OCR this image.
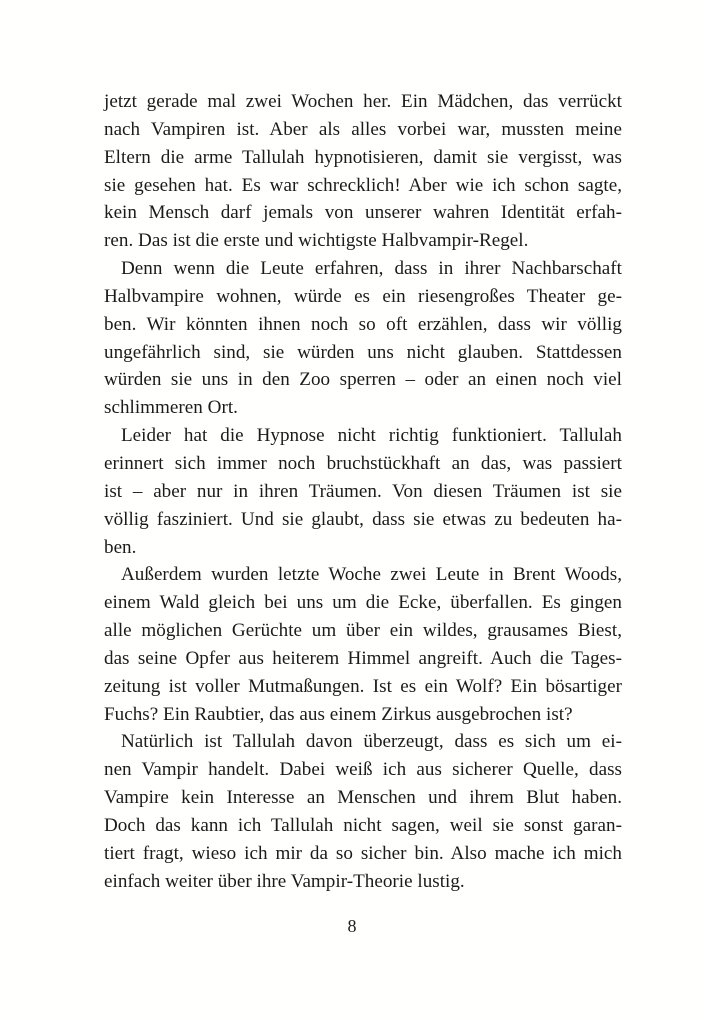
jetzt gerade mal zwei Wochen her. Ein Mädchen, das verrückt
nach Vampiren ist. Aber als alles vorbei war, mussten meine
Eltern die arme Tallulah hypnotisieren, damit sie vergisst, was
sie gesehen hat. Es war schrecklich! Aber wie ich schon sagte,
kein Mensch darf jemals von unserer wahren Identität erfah-
ren. Das ist die erste und wichtigste Halbvampir-Regel.

Denn wenn die Leute erfahren, dass in ihrer Nachbarschaft
Halbvampire wohnen, würde es ein riesengroßes Theater ge-
ben. Wir könnten ihnen noch so oft erzählen, dass wir völlig
ungefährlich sind, sie würden uns nicht glauben. Stattdessen
würden sie uns in den Zoo sperren – oder an einen noch viel
schlimmeren Ort.

Leider hat die Hypnose nicht richtig funktioniert. Tallulah
erinnert sich immer noch bruchstückhaft an das, was passiert
ist – aber nur in ihren Träumen. Von diesen Träumen ist sie
völlig fasziniert. Und sie glaubt, dass sie etwas zu bedeuten ha-
ben.

Außerdem wurden letzte Woche zwei Leute in Brent Woods,
einem Wald gleich bei uns um die Ecke, überfallen. Es gingen
alle möglichen Gerüchte um über ein wildes, grausames Biest,
das seine Opfer aus heiterem Himmel angreift. Auch die Tages-
zeitung ist voller Mutmaßungen. Ist es ein Wolf? Ein bösartiger
Fuchs? Ein Raubtier, das aus einem Zirkus ausgebrochen ist?

Natürlich ist Tallulah davon überzeugt, dass es sich um ei-
nen Vampir handelt. Dabei weiß ich aus sicherer Quelle, dass
Vampire kein Interesse an Menschen und ihrem Blut haben.
Doch das kann ich Tallulah nicht sagen, weil sie sonst garan-
tiert fragt, wieso ich mir da so sicher bin. Also mache ich mich
einfach weiter über ihre Vampir-Theorie lustig.

8
